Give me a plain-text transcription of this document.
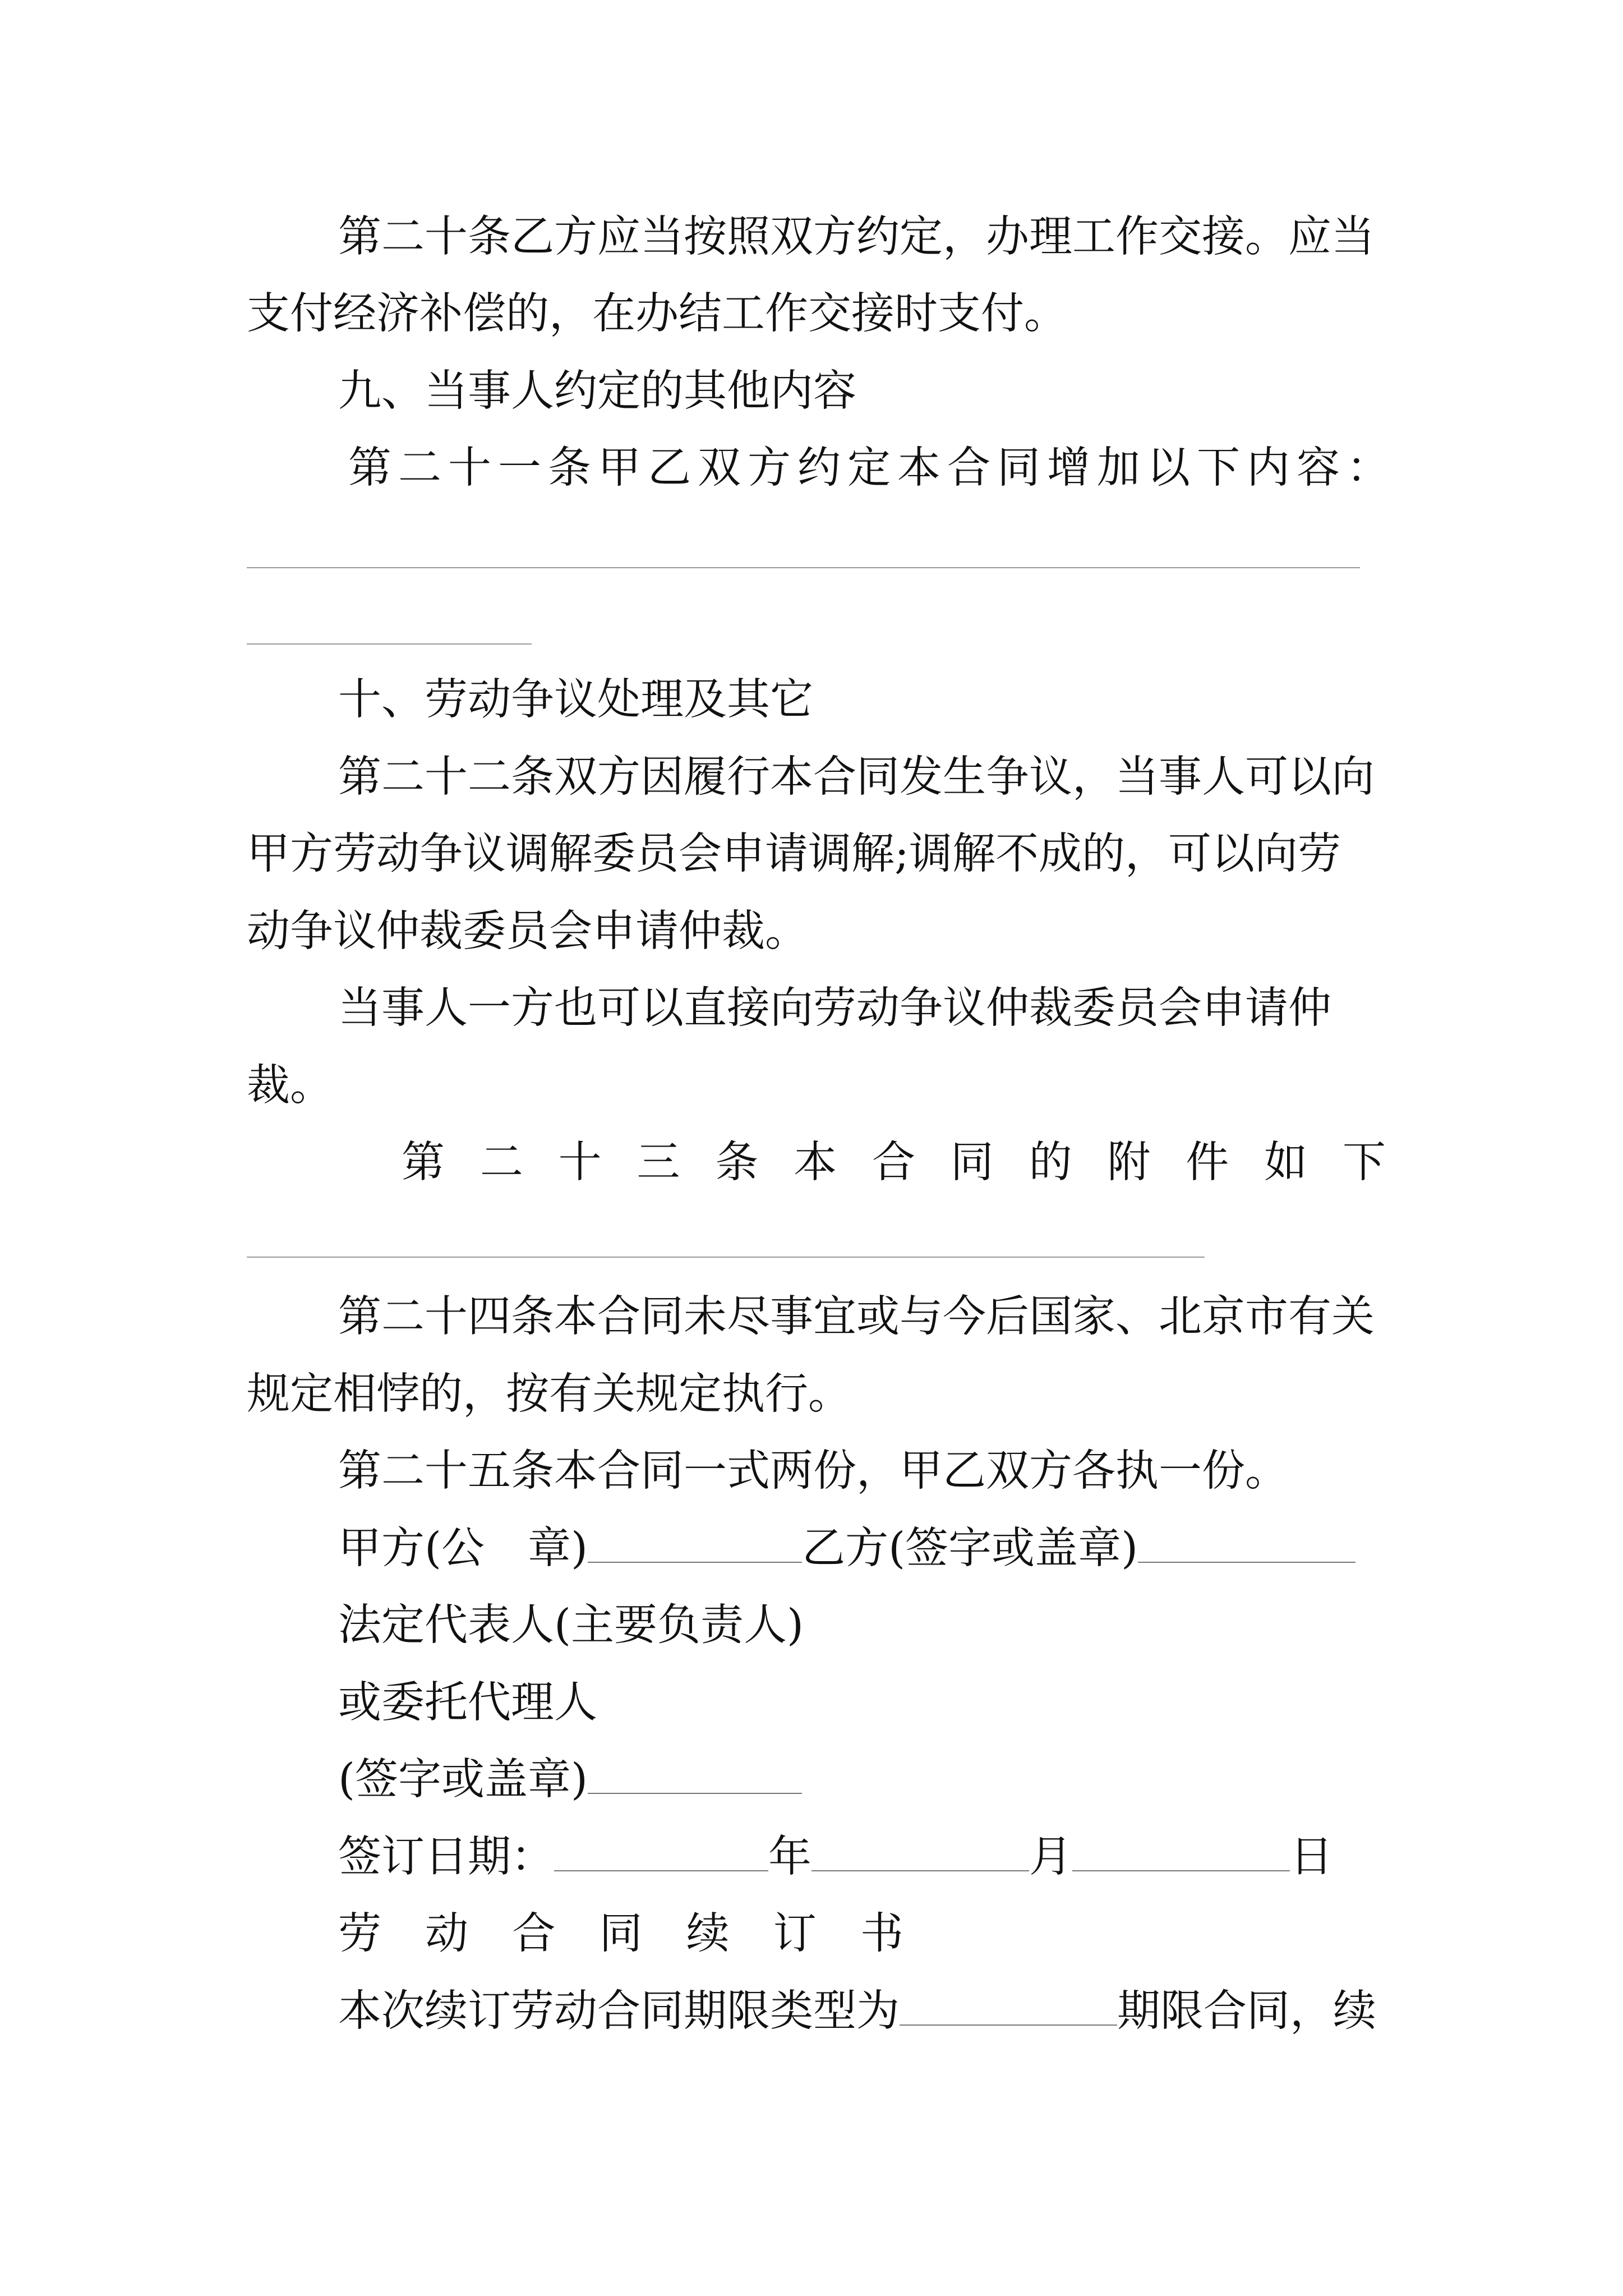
第二十条乙方应当按照双方约定，办理工作交接。应当

支付经济补偿的，在办结工作交接时支付。

九、当事人约定的其他内容

第二十一条甲乙双方约定本合同增加以下内容：

十、劳动争议处理及其它

第二十二条双方因履行本合同发生争议，当事人可以向

甲方劳动争议调解委员会申请调解;调解不成的，可以向劳

动争议仲裁委员会申请仲裁。

当事人一方也可以直接向劳动争议仲裁委员会申请仲

裁。

第 二 十 三 条 本 合 同 的 附 件 如 下

第二十四条本合同未尽事宜或与今后国家、北京市有关

规定相悖的，按有关规定执行。

第二十五条本合同一式两份，甲乙双方各执一份。

甲方(公　章)	乙方(签字或盖章)

法定代表人(主要负责人)

或委托代理人

(签字或盖章)
签订日期：	年	月	日
劳 动 合 同 续 订 书
本次续订劳动合同期限类型为	期限合同，续
